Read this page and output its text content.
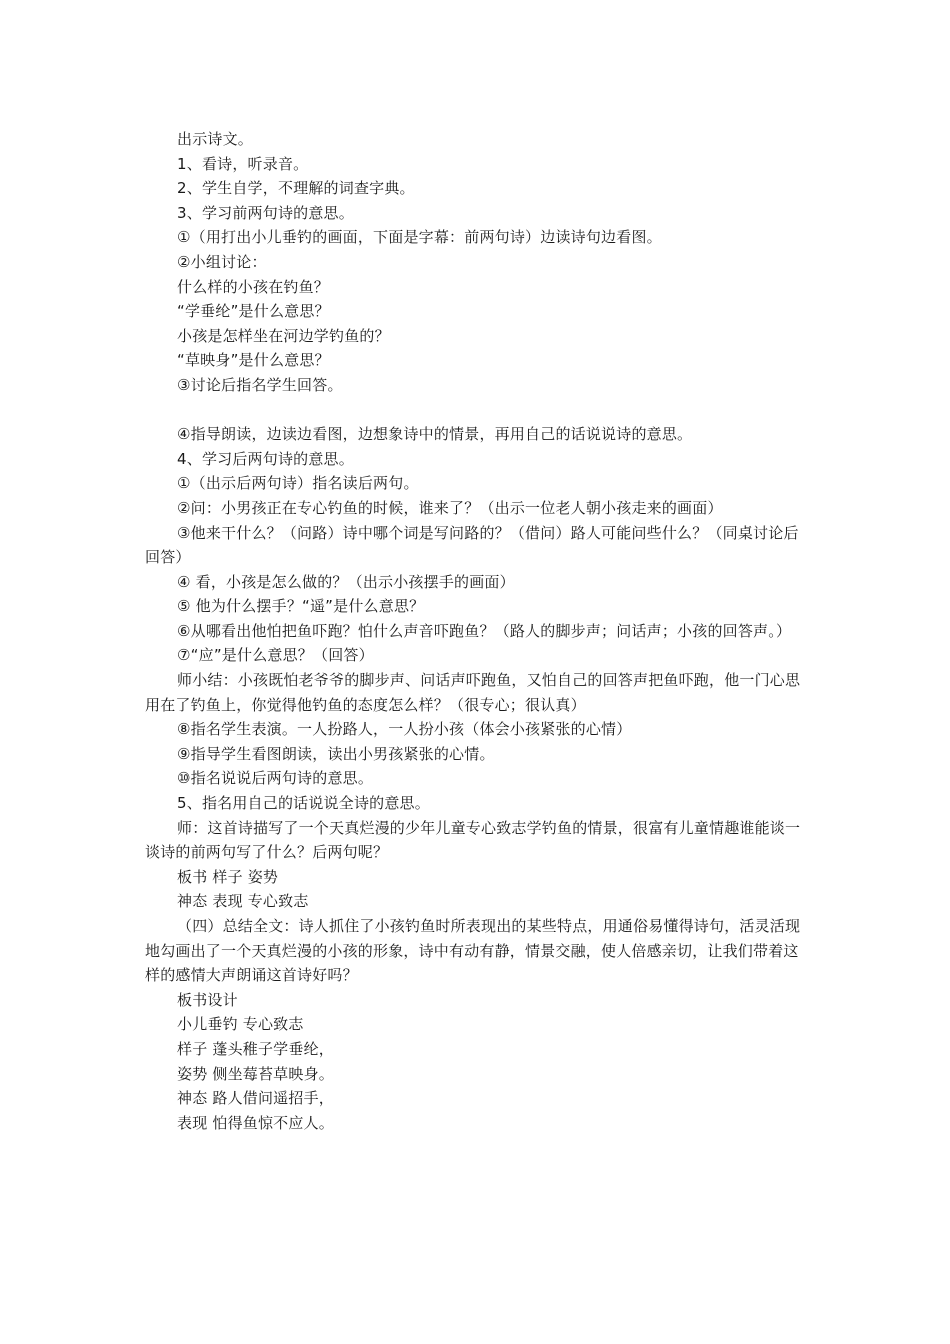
出示诗文。

1、看诗，听录音。

2、学生自学，不理解的词查字典。

3、学习前两句诗的意思。

①（用打出小儿垂钓的画面，下面是字幕：前两句诗）边读诗句边看图。

②小组讨论：

什么样的小孩在钓鱼？

“学垂纶”是什么意思？

小孩是怎样坐在河边学钓鱼的？

“草映身”是什么意思？

③讨论后指名学生回答。

④指导朗读，边读边看图，边想象诗中的情景，再用自己的话说说诗的意思。

4、学习后两句诗的意思。

①（出示后两句诗）指名读后两句。

②问：小男孩正在专心钓鱼的时候，谁来了？（出示一位老人朝小孩走来的画面）

③他来干什么？（问路）诗中哪个词是写问路的？（借问）路人可能问些什么？（同桌讨论后回答）

④ 看，小孩是怎么做的？（出示小孩摆手的画面）

⑤ 他为什么摆手？“遥”是什么意思？

⑥从哪看出他怕把鱼吓跑？怕什么声音吓跑鱼？（路人的脚步声；问话声；小孩的回答声。）

⑦“应”是什么意思？（回答）

师小结：小孩既怕老爷爷的脚步声、问话声吓跑鱼，又怕自己的回答声把鱼吓跑，他一门心思用在了钓鱼上，你觉得他钓鱼的态度怎么样？（很专心；很认真）

⑧指名学生表演。一人扮路人，一人扮小孩（体会小孩紧张的心情）

⑨指导学生看图朗读，读出小男孩紧张的心情。

⑩指名说说后两句诗的意思。

5、指名用自己的话说说全诗的意思。

师：这首诗描写了一个天真烂漫的少年儿童专心致志学钓鱼的情景，很富有儿童情趣谁能谈一谈诗的前两句写了什么？后两句呢？

板书 样子 姿势

神态 表现 专心致志

（四）总结全文：诗人抓住了小孩钓鱼时所表现出的某些特点，用通俗易懂得诗句，活灵活现地勾画出了一个天真烂漫的小孩的形象，诗中有动有静，情景交融，使人倍感亲切，让我们带着这样的感情大声朗诵这首诗好吗？

板书设计

小儿垂钓 专心致志

样子 蓬头稚子学垂纶，

姿势 侧坐莓苔草映身。

神态 路人借问遥招手，

表现 怕得鱼惊不应人。
